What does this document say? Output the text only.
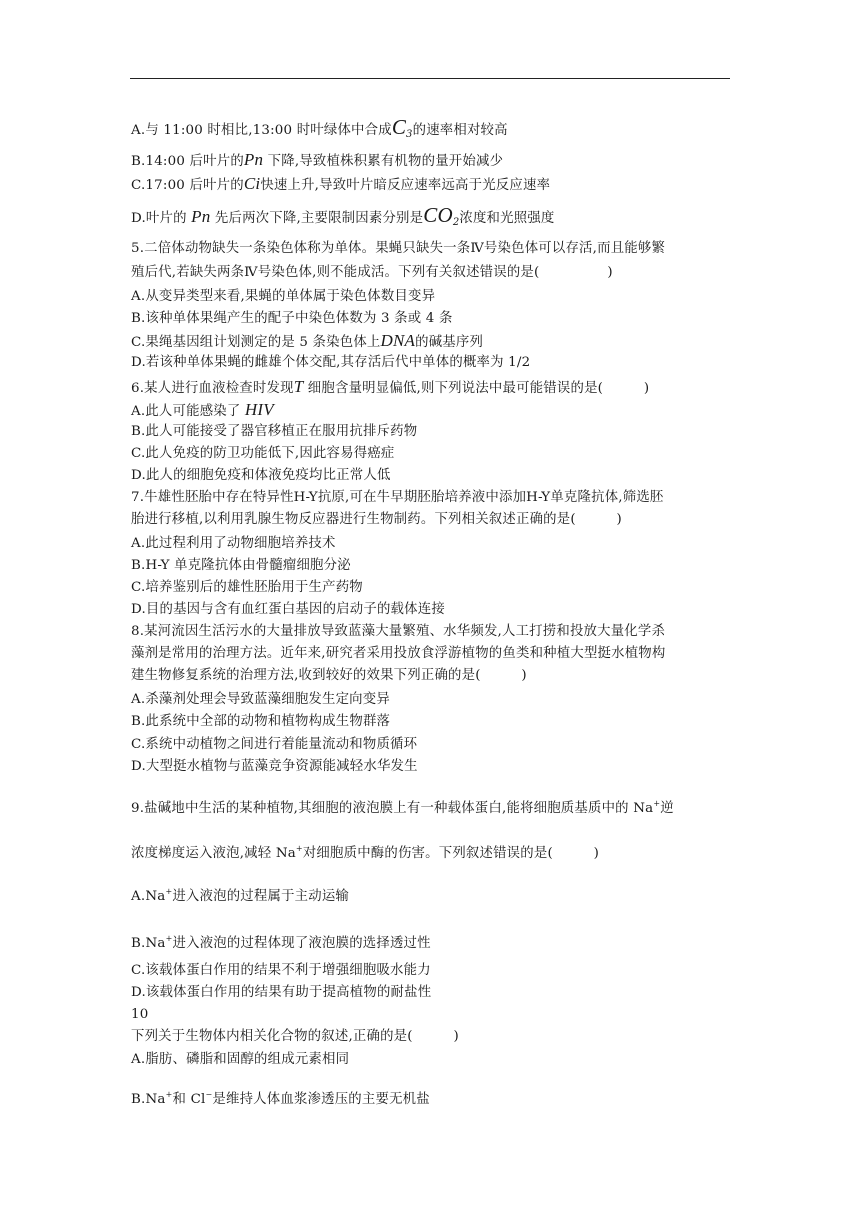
A.与 11:00 时相比,13:00 时叶绿体中合成$C_3$的速率相对较高
B.14:00 后叶片的Pn 下降,导致植株积累有机物的量开始减少
C.17:00 后叶片的Ci快速上升,导致叶片暗反应速率远高于光反应速率
D.叶片的 Pn 先后两次下降,主要限制因素分别是$CO_2$浓度和光照强度
5.二倍体动物缺失一条染色体称为单体。果蝇只缺失一条Ⅳ号染色体可以存活,而且能够繁
殖后代,若缺失两条Ⅳ号染色体,则不能成活。下列有关叙述错误的是(　　　　　)
A.从变异类型来看,果蝇的单体属于染色体数目变异
B.该种单体果绳产生的配子中染色体数为 3 条或 4 条
C.果绳基因组计划测定的是 5 条染色体上DNA的碱基序列
D.若该种单体果蝇的雌雄个体交配,其存活后代中单体的概率为 1/2
6.某人进行血液检查时发现T 细胞含量明显偏低,则下列说法中最可能错误的是(　　　)
A.此人可能感染了 HIV
B.此人可能接受了器官移植正在服用抗排斥药物
C.此人免疫的防卫功能低下,因此容易得癌症
D.此人的细胞免疫和体液免疫均比正常人低
7.牛雄性胚胎中存在特异性H-Y抗原,可在牛早期胚胎培养液中添加H-Y单克隆抗体,筛选胚
胎进行移植,以利用乳腺生物反应器进行生物制药。下列相关叙述正确的是(　　　)
A.此过程利用了动物细胞培养技术
B.H-Y 单克隆抗体由骨髓瘤细胞分泌
C.培养鉴别后的雄性胚胎用于生产药物
D.目的基因与含有血红蛋白基因的启动子的载体连接
8.某河流因生活污水的大量排放导致蓝藻大量繁殖、水华频发,人工打捞和投放大量化学杀
藻剂是常用的治理方法。近年来,研究者采用投放食浮游植物的鱼类和种植大型挺水植物构
建生物修复系统的治理方法,收到较好的效果下列正确的是(　　　)
A.杀藻剂处理会导致蓝藻细胞发生定向变异
B.此系统中全部的动物和植物构成生物群落
C.系统中动植物之间进行着能量流动和物质循环
D.大型挺水植物与蓝藻竞争资源能减轻水华发生
9.盐碱地中生活的某种植物,其细胞的液泡膜上有一种载体蛋白,能将细胞质基质中的 Na+逆
浓度梯度运入液泡,减轻 Na+对细胞质中酶的伤害。下列叙述错误的是(　　　)
A.Na+进入液泡的过程属于主动运输
B.Na+进入液泡的过程体现了液泡膜的选择透过性
C.该载体蛋白作用的结果不利于增强细胞吸水能力
D.该载体蛋白作用的结果有助于提高植物的耐盐性
10
下列关于生物体内相关化合物的叙述,正确的是(　　　)
A.脂肪、磷脂和固醇的组成元素相同
B.Na+和 Cl−是维持人体血浆渗透压的主要无机盐
